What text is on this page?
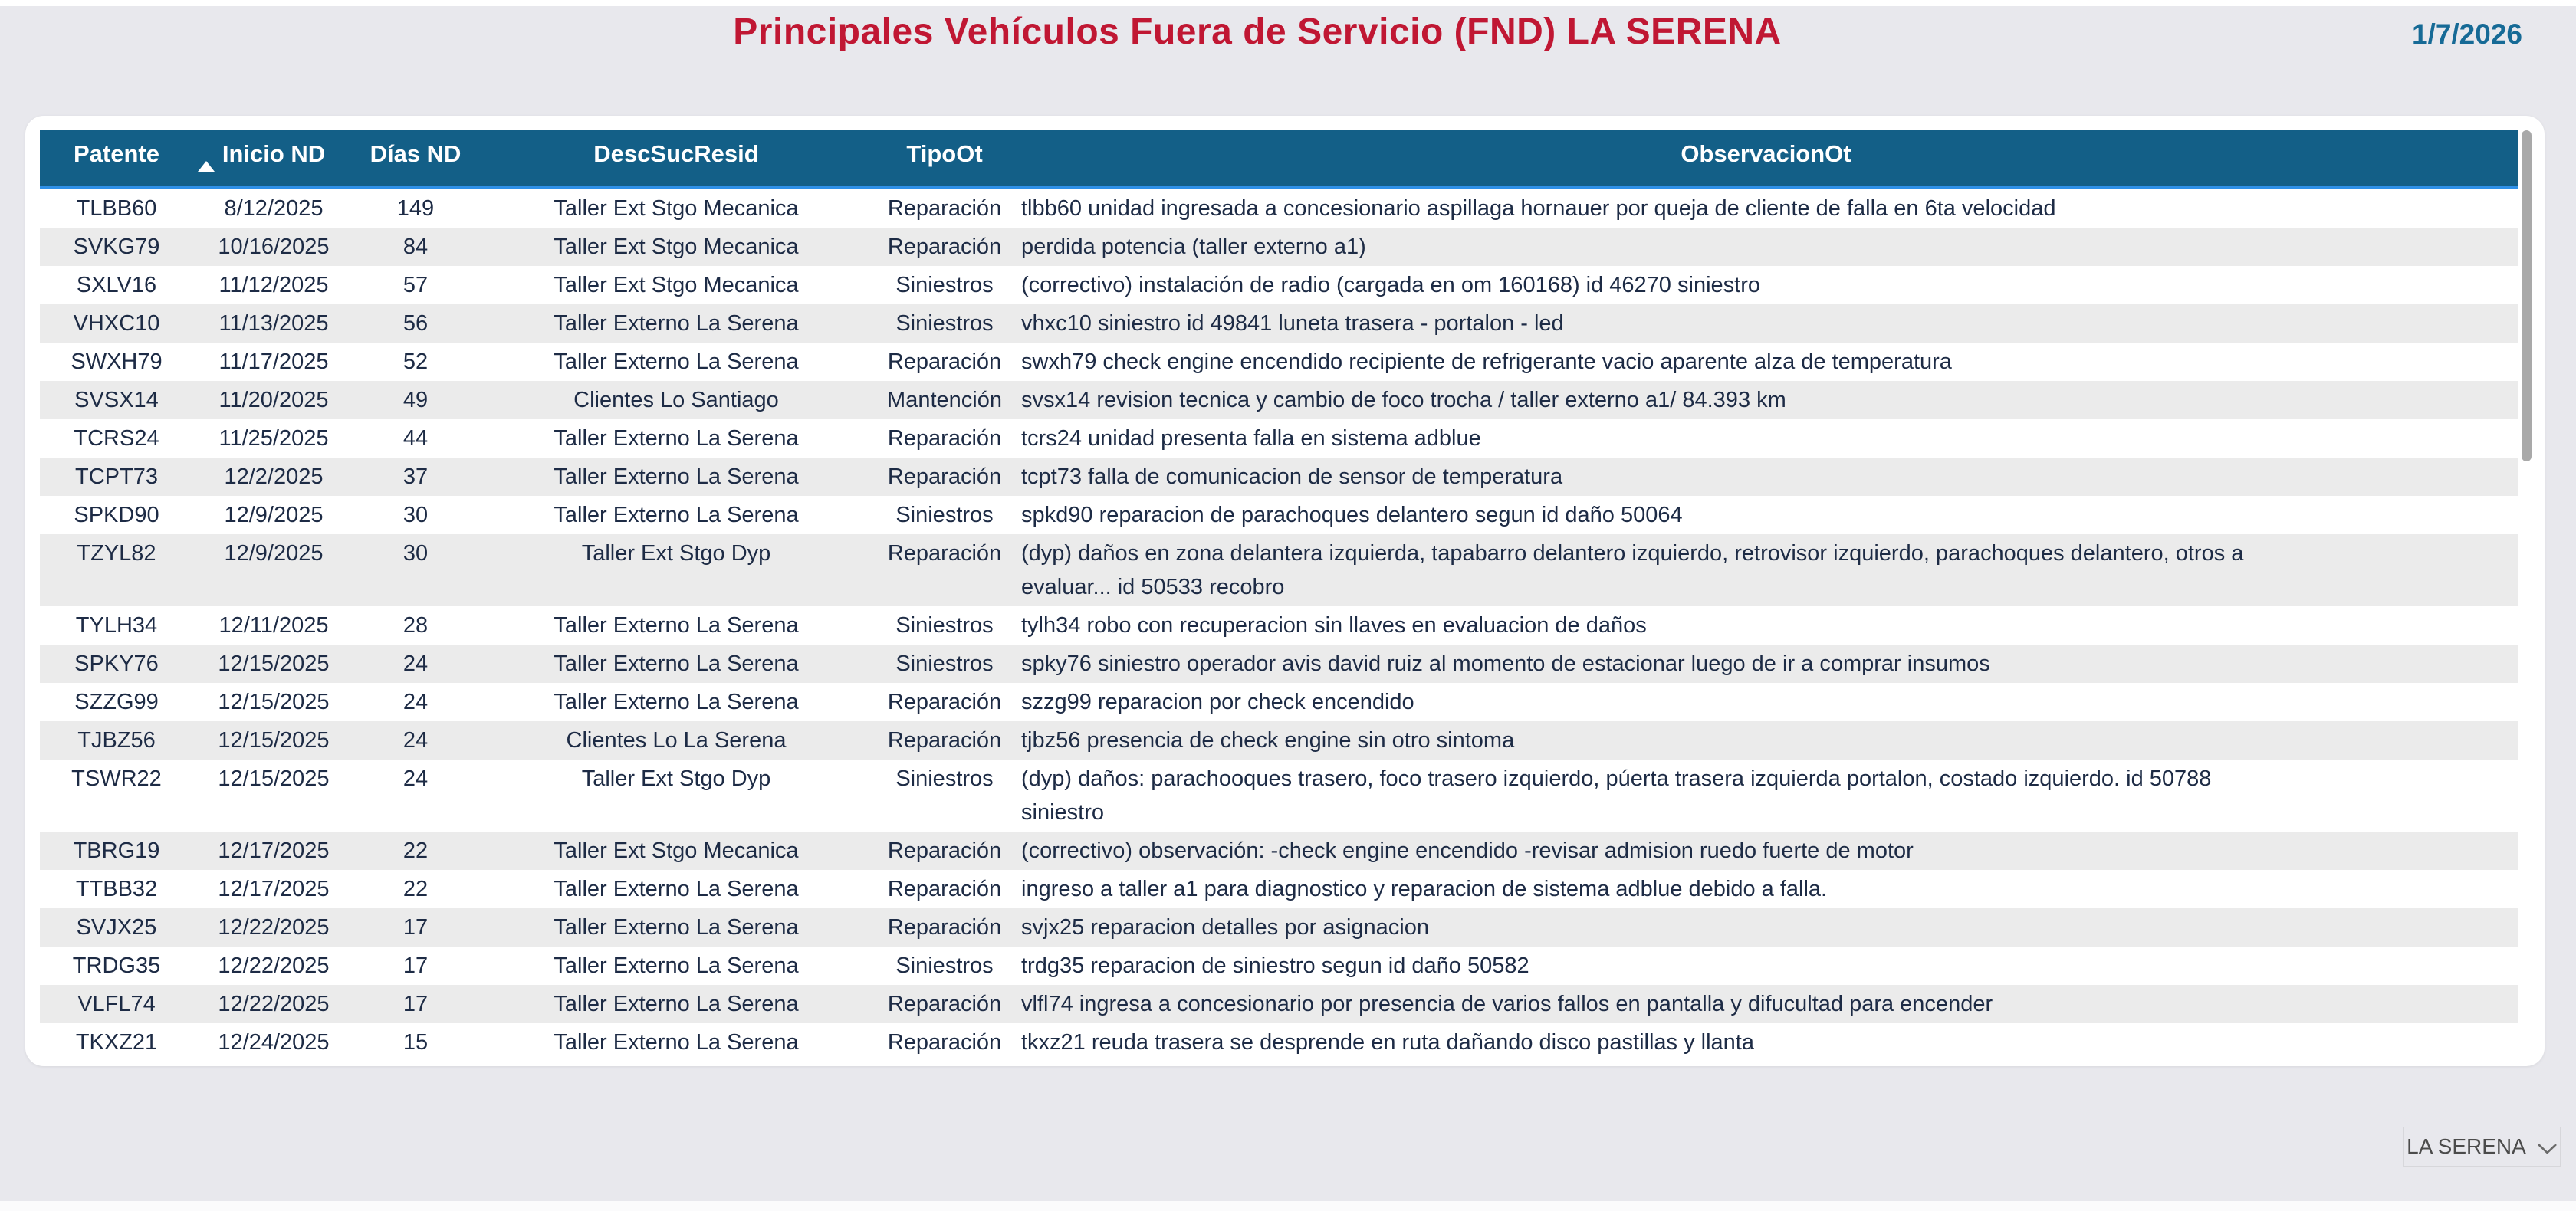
Principales Vehículos Fuera de Servicio (FND) LA SERENA	1/7/2026
Patente	Inicio ND	Días ND	DescSucResid	TipoOt	ObservacionOt
TLBB60	8/12/2025	149	Taller Ext Stgo Mecanica	Reparación tlbb60 unidad ingresada a concesionario aspillaga hornauer por queja de cliente de falla en 6ta velocidad
SVKG79	10/16/2025	84	Taller Ext Stgo Mecanica	Reparación perdida potencia (taller externo a1)
SXLV16	11/12/2025	57	Taller Ext Stgo Mecanica	Siniestros	(correctivo) instalación de radio (cargada en om 160168) id 46270 siniestro
VHXC10	11/13/2025	56	Taller Externo La Serena	Siniestros	vhxc10 siniestro id 49841 luneta trasera - portalon - led
SWXH79	11/17/2025	52	Taller Externo La Serena	Reparación swxh79 check engine encendido recipiente de refrigerante vacio aparente alza de temperatura
SVSX14	11/20/2025	49	Clientes Lo Santiago	Mantención svsx14 revision tecnica y cambio de foco trocha / taller externo a1/ 84.393 km
TCRS24	11/25/2025	44	Taller Externo La Serena	Reparación tcrs24 unidad presenta falla en sistema adblue
TCPT73	12/2/2025	37	Taller Externo La Serena	Reparación tcpt73 falla de comunicacion de sensor de temperatura
SPKD90	12/9/2025	30	Taller Externo La Serena	Siniestros	spkd90 reparacion de parachoques delantero segun id daño 50064
TZYL82	12/9/2025	30	Taller Ext Stgo Dyp	Reparación (dyp) daños en zona delantera izquierda, tapabarro delantero izquierdo, retrovisor izquierdo, parachoques delantero, otros a evaluar... id 50533 recobro
TYLH34	12/11/2025	28	Taller Externo La Serena	Siniestros	tylh34 robo con recuperacion sin llaves en evaluacion de daños
SPKY76	12/15/2025	24	Taller Externo La Serena	Siniestros	spky76 siniestro operador avis david ruiz al momento de estacionar luego de ir a comprar insumos
SZZG99	12/15/2025	24	Taller Externo La Serena	Reparación szzg99 reparacion por check encendido
TJBZ56	12/15/2025	24	Clientes Lo La Serena	Reparación tjbz56 presencia de check engine sin otro sintoma
TSWR22	12/15/2025	24	Taller Ext Stgo Dyp	Siniestros	(dyp) daños: parachooques trasero, foco trasero izquierdo, púerta trasera izquierda portalon, costado izquierdo. id 50788 siniestro
TBRG19	12/17/2025	22	Taller Ext Stgo Mecanica	Reparación (correctivo) observación: -check engine encendido -revisar admision ruedo fuerte de motor
TTBB32	12/17/2025	22	Taller Externo La Serena	Reparación ingreso a taller a1 para diagnostico y reparacion de sistema adblue debido a falla.
SVJX25	12/22/2025	17	Taller Externo La Serena	Reparación svjx25 reparacion detalles por asignacion
TRDG35	12/22/2025	17	Taller Externo La Serena	Siniestros	trdg35 reparacion de siniestro segun id daño 50582
VLFL74	12/22/2025	17	Taller Externo La Serena	Reparación vlfl74 ingresa a concesionario por presencia de varios fallos en pantalla y difucultad para encender
TKXZ21	12/24/2025	15	Taller Externo La Serena	Reparación tkxz21 reuda trasera se desprende en ruta dañando disco pastillas y llanta
LA SERENA
